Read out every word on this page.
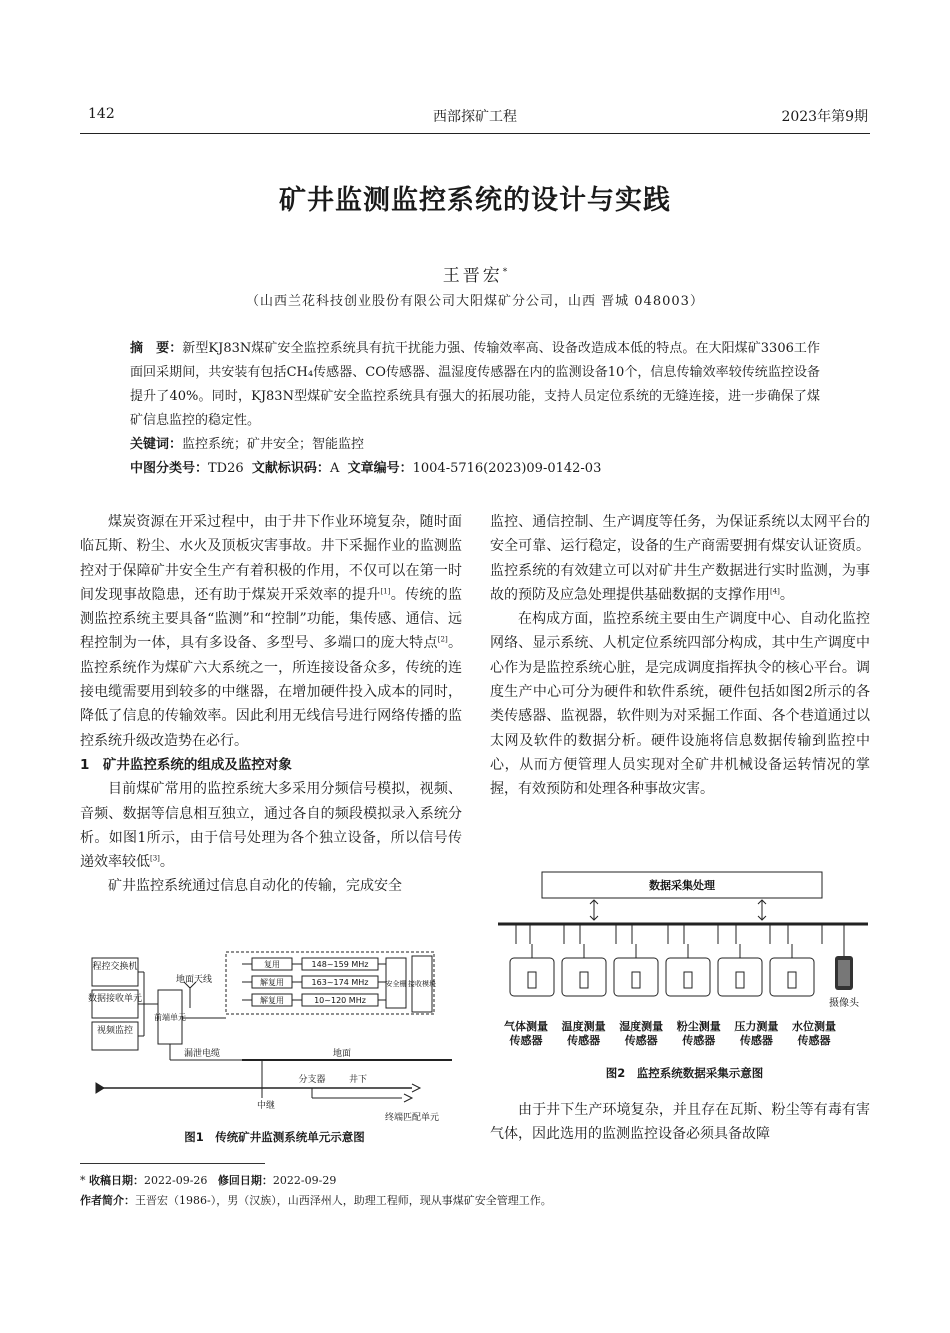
142	西部探矿工程	2023年第9期
矿井监测监控系统的设计与实践
王晋宏*
（山西兰花科技创业股份有限公司大阳煤矿分公司，山西 晋城 048003）
摘　要：新型KJ83N煤矿安全监控系统具有抗干扰能力强、传输效率高、设备改造成本低的特点。在大阳煤矿3306工作面回采期间，共安装有包括CH₄传感器、CO传感器、温湿度传感器在内的监测设备10个，信息传输效率较传统监控设备提升了40%。同时，KJ83N型煤矿安全监控系统具有强大的拓展功能，支持人员定位系统的无缝连接，进一步确保了煤矿信息监控的稳定性。
关键词：监控系统；矿井安全；智能监控
中图分类号：TD26 文献标识码：A 文章编号：1004-5716(2023)09-0142-03

煤炭资源在开采过程中，由于井下作业环境复杂，随时面临瓦斯、粉尘、水火及顶板灾害事故。井下采掘作业的监测监控对于保障矿井安全生产有着积极的作用，不仅可以在第一时间发现事故隐患，还有助于煤炭开采效率的提升[1]。传统的监测监控系统主要具备“监测”和“控制”功能，集传感、通信、远程控制为一体，具有多设备、多型号、多端口的庞大特点[2]。监控系统作为煤矿六大系统之一，所连接设备众多，传统的连接电缆需要用到较多的中继器，在增加硬件投入成本的同时，降低了信息的传输效率。因此利用无线信号进行网络传播的监控系统升级改造势在必行。

1　矿井监控系统的组成及监控对象

目前煤矿常用的监控系统大多采用分频信号模拟，视频、音频、数据等信息相互独立，通过各自的频段模拟录入系统分析。如图1所示，由于信号处理为各个独立设备，所以信号传递效率较低[3]。

矿井监控系统通过信息自动化的传输，完成安全

监控、通信控制、生产调度等任务，为保证系统以太网平台的安全可靠、运行稳定，设备的生产商需要拥有煤安认证资质。监控系统的有效建立可以对矿井生产数据进行实时监测，为事故的预防及应急处理提供基础数据的支撑作用[4]。

在构成方面，监控系统主要由生产调度中心、自动化监控网络、显示系统、人机定位系统四部分构成，其中生产调度中心作为是监控系统心脏，是完成调度指挥执令的核心平台。调度生产中心可分为硬件和软件系统，硬件包括如图2所示的各类传感器、监视器，软件则为对采掘工作面、各个巷道通过以太网及软件的数据分析。硬件设施将信息数据传输到监控中心，从而方便管理人员实现对全矿井机械设备运转情况的掌握，有效预防和处理各种事故灾害。

由于井下生产环境复杂，并且存在瓦斯、粉尘等有毒有害气体，因此选用的监测监控设备必须具备故障

程控交换机
数据接收单元
视频监控
前端单元
地面天线
复用
解复用
解复用
148~159 MHz
163~174 MHz
10~120 MHz
安全栅 接收模块
漏泄电缆	地面
分支器	井下
中继
终端匹配单元
图1　传统矿井监测系统单元示意图
数据采集处理
摄像头
气体测量传感器
温度测量传感器
湿度测量传感器
粉尘测量传感器
压力测量传感器
水位测量传感器
图2　监控系统数据采集示意图
* 收稿日期：2022-09-26 修回日期：2022-09-29
作者简介：王晋宏（1986-），男（汉族），山西泽州人，助理工程师，现从事煤矿安全管理工作。
